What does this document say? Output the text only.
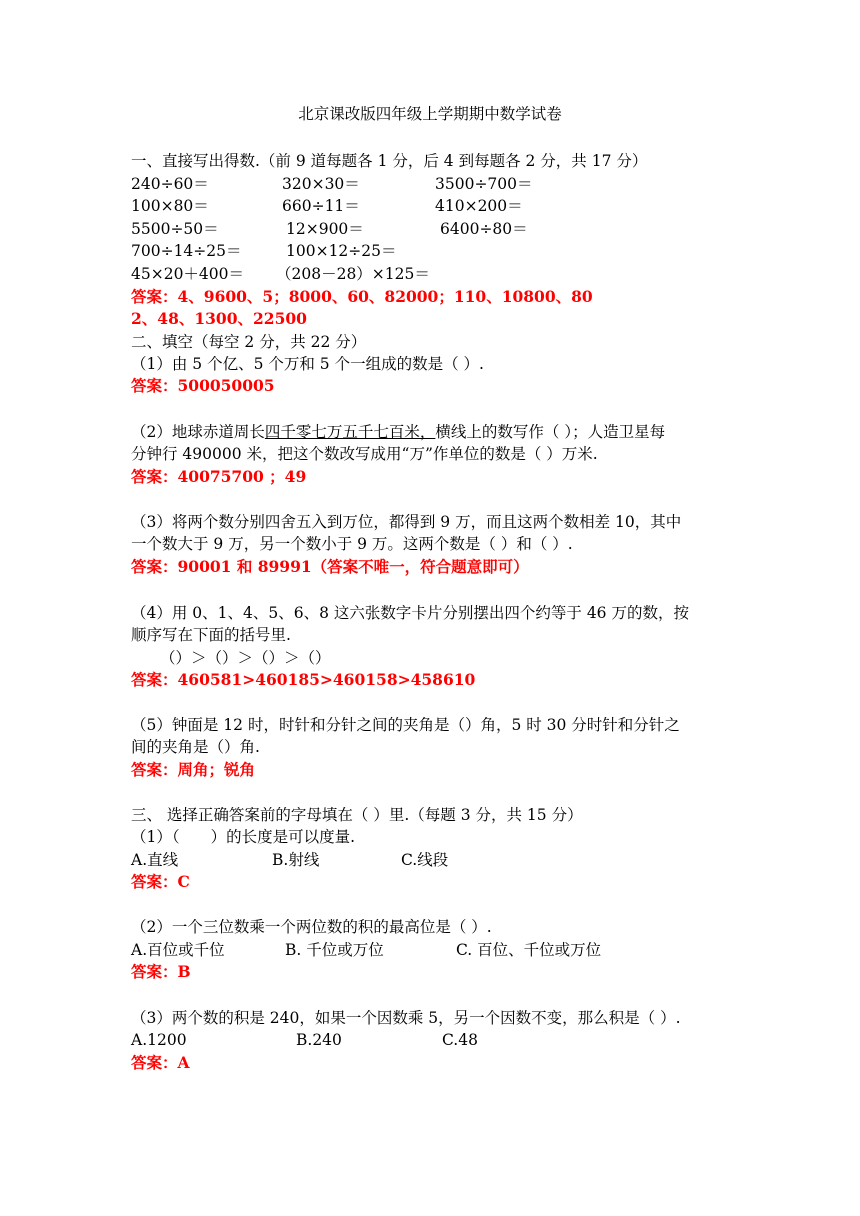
北京课改版四年级上学期期中数学试卷
一、直接写出得数.（前 9 道每题各 1 分，后 4 到每题各 2 分，共 17 分）
240÷60＝	320×30＝	3500÷700＝
100×80＝	660÷11＝	410×200＝
5500÷50＝	12×900＝	6400÷80＝
700÷14÷25＝	100×12÷25＝
45×20＋400＝ （208－28）×125＝
答案：4、9600、5；8000、60、82000；110、10800、80
2、48、1300、22500
二、填空（每空 2 分，共 22 分）
（1）由 5 个亿、5 个万和 5 个一组成的数是（ ）.
答案：500050005
（2）地球赤道周长四千零七万五千七百米，横线上的数写作（ ）；人造卫星每
分钟行 490000 米，把这个数改写成用“万”作单位的数是（ ）万米.
答案：40075700 ；49
（3）将两个数分别四舍五入到万位，都得到 9 万，而且这两个数相差 10，其中
一个数大于 9 万，另一个数小于 9 万。这两个数是（ ）和（ ）.
答案：90001 和 89991（答案不唯一，符合题意即可）
（4）用 0、1、4、5、6、8 这六张数字卡片分别摆出四个约等于 46 万的数，按
顺序写在下面的括号里.
（）＞（）＞（）＞（）
答案：460581>460185>460158>458610
（5）钟面是 12 时，时针和分针之间的夹角是（）角，5 时 30 分时针和分针之
间的夹角是（）角.
答案：周角；锐角
三、 选择正确答案前的字母填在（ ）里.（每题 3 分，共 15 分）
（1）（　　）的长度是可以度量.
A.直线	B.射线	C.线段
答案：C
（2）一个三位数乘一个两位数的积的最高位是（ ）.
A.百位或千位	B. 千位或万位	C. 百位、千位或万位
答案：B
（3）两个数的积是 240，如果一个因数乘 5，另一个因数不变，那么积是（ ）.
A.1200	B.240	C.48
答案：A
